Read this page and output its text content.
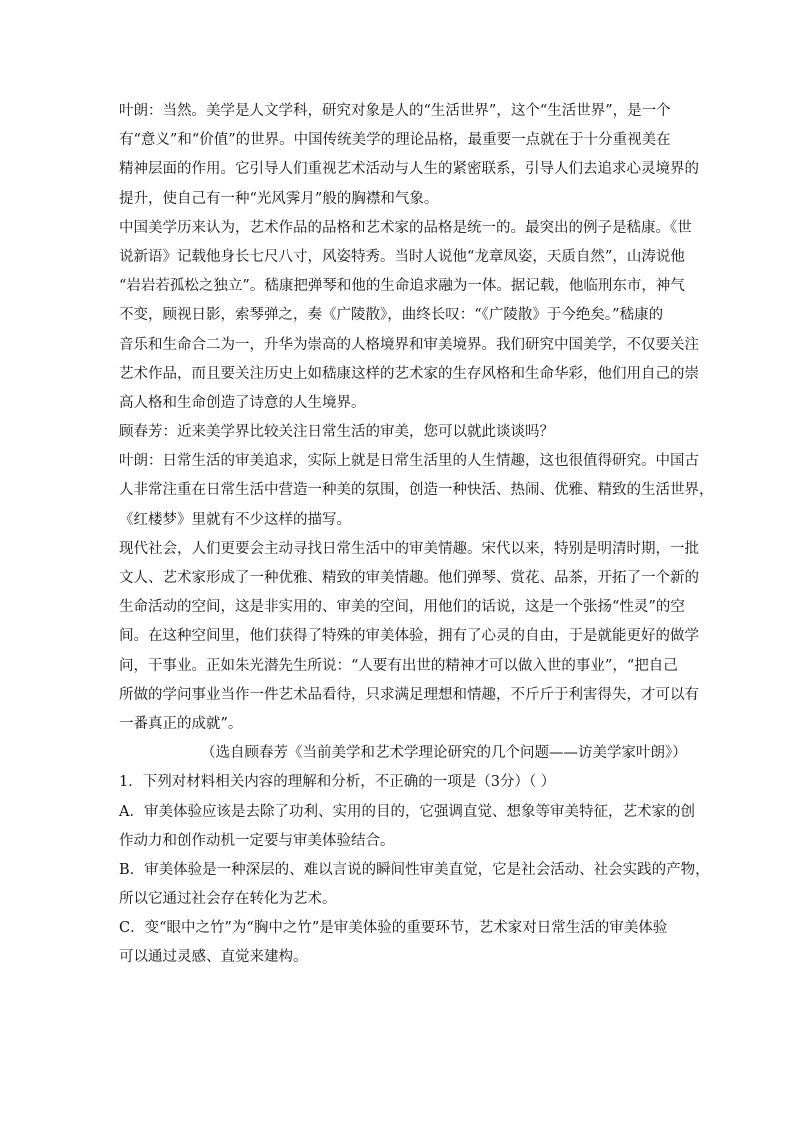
叶朗：当然。美学是人文学科，研究对象是人的“生活世界”，这个“生活世界”，是一个
有“意义”和“价值”的世界。中国传统美学的理论品格，最重要一点就在于十分重视美在
精神层面的作用。它引导人们重视艺术活动与人生的紧密联系，引导人们去追求心灵境界的
提升，使自己有一种“光风霁月”般的胸襟和气象。
中国美学历来认为，艺术作品的品格和艺术家的品格是统一的。最突出的例子是嵇康。《世
说新语》记载他身长七尺八寸，风姿特秀。当时人说他“龙章凤姿，天质自然”，山涛说他
“岩岩若孤松之独立”。嵇康把弹琴和他的生命追求融为一体。据记载，他临刑东市，神气
不变，顾视日影，索琴弹之，奏《广陵散》，曲终长叹：“《广陵散》于今绝矣。”嵇康的
音乐和生命合二为一，升华为崇高的人格境界和审美境界。我们研究中国美学，不仅要关注
艺术作品，而且要关注历史上如嵇康这样的艺术家的生存风格和生命华彩，他们用自己的崇
高人格和生命创造了诗意的人生境界。
顾春芳：近来美学界比较关注日常生活的审美，您可以就此谈谈吗？
叶朗：日常生活的审美追求，实际上就是日常生活里的人生情趣，这也很值得研究。中国古
人非常注重在日常生活中营造一种美的氛围，创造一种快活、热闹、优雅、精致的生活世界，
《红楼梦》里就有不少这样的描写。
现代社会，人们更要会主动寻找日常生活中的审美情趣。宋代以来，特别是明清时期，一批
文人、艺术家形成了一种优雅、精致的审美情趣。他们弹琴、赏花、品茶，开拓了一个新的
生命活动的空间，这是非实用的、审美的空间，用他们的话说，这是一个张扬“性灵”的空
间。在这种空间里，他们获得了特殊的审美体验，拥有了心灵的自由，于是就能更好的做学
问，干事业。正如朱光潜先生所说：“人要有出世的精神才可以做入世的事业”，“把自己
所做的学问事业当作一件艺术品看待，只求满足理想和情趣，不斤斤于利害得失，才可以有
一番真正的成就”。
（选自顾春芳《当前美学和艺术学理论研究的几个问题——访美学家叶朗》）
1．下列对材料相关内容的理解和分析，不正确的一项是（3分）（ ）
A．审美体验应该是去除了功利、实用的目的，它强调直觉、想象等审美特征，艺术家的创
作动力和创作动机一定要与审美体验结合。
B．审美体验是一种深层的、难以言说的瞬间性审美直觉，它是社会活动、社会实践的产物，
所以它通过社会存在转化为艺术。
C．变“眼中之竹”为“胸中之竹”是审美体验的重要环节，艺术家对日常生活的审美体验
可以通过灵感、直觉来建构。
